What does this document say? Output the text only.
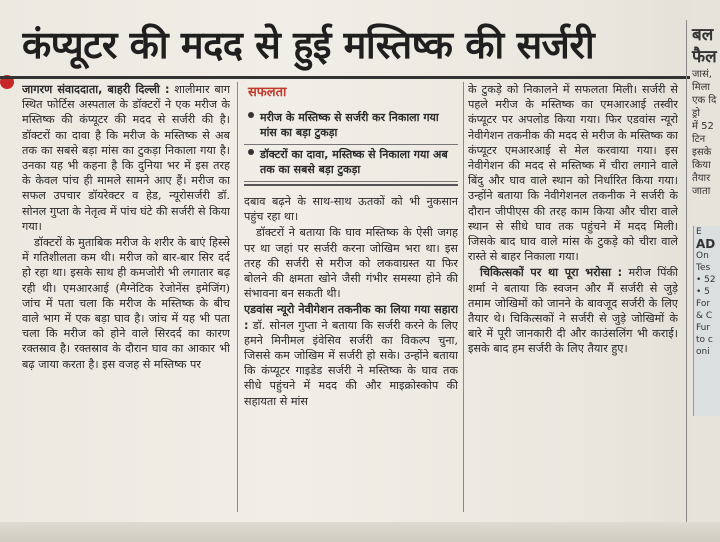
कंप्यूटर की मदद से हुई मस्तिष्क की सर्जरी

जागरण संवाददाता, बाहरी दिल्ली : शालीमार बाग स्थित फोर्टिस अस्पताल के डॉक्टरों ने एक मरीज के मस्तिष्क की कंप्यूटर की मदद से सर्जरी की है। डॉक्टरों का दावा है कि मरीज के मस्तिष्क से अब तक का सबसे बड़ा मांस का टुकड़ा निकाला गया है। उनका यह भी कहना है कि दुनिया भर में इस तरह के केवल पांच ही मामले सामने आए हैं। मरीज का सफल उपचार डॉयरेक्टर व हेड, न्यूरोसर्जरी डॉ. सोनल गुप्ता के नेतृत्व में पांच घंटे की सर्जरी से किया गया।

डॉक्टरों के मुताबिक मरीज के शरीर के बाएं हिस्से में गतिशीलता कम थी। मरीज को बार-बार सिर दर्द हो रहा था। इसके साथ ही कमजोरी भी लगातार बढ़ रही थी। एमआरआई (मैग्नेटिक रेजोनेंस इमेजिंग) जांच में पता चला कि मरीज के मस्तिष्क के बीच वाले भाग में एक बड़ा घाव है। जांच में यह भी पता चला कि मरीज को होने वाले सिरदर्द का कारण रक्तस्राव है। रक्तस्राव के दौरान घाव का आकार भी बढ़ जाया करता है। इस वजह से मस्तिष्क पर

सफलता
मरीज के मस्तिष्क से सर्जरी कर निकाला गया मांस का बड़ा टुकड़ा
डॉक्टरों का दावा, मस्तिष्क से निकाला गया अब तक का सबसे बड़ा टुकड़ा

दबाव बढ़ने के साथ-साथ ऊतकों को भी नुकसान पहुंच रहा था।

डॉक्टरों ने बताया कि घाव मस्तिष्क के ऐसी जगह पर था जहां पर सर्जरी करना जोखिम भरा था। इस तरह की सर्जरी से मरीज को लकवाग्रस्त या फिर बोलने की क्षमता खोने जैसी गंभीर समस्या होने की संभावना बन सकती थी।

एडवांस न्यूरो नेवीगेशन तकनीक का लिया गया सहारा : डॉ. सोनल गुप्ता ने बताया कि सर्जरी करने के लिए हमने मिनीमल इंवेसिव सर्जरी का विकल्प चुना, जिससे कम जोखिम में सर्जरी हो सके। उन्होंने बताया कि कंप्यूटर गाइडेड सर्जरी ने मस्तिष्क के घाव तक सीधे पहुंचने में मदद की और माइक्रोस्कोप की सहायता से मांस

के टुकड़े को निकालने में सफलता मिली। सर्जरी से पहले मरीज के मस्तिष्क का एमआरआई तस्वीर कंप्यूटर पर अपलोड किया गया। फिर एडवांस न्यूरो नेवीगेशन तकनीक की मदद से मरीज के मस्तिष्क का कंप्यूटर एमआरआई से मेल करवाया गया। इस नेवीगेशन की मदद से मस्तिष्क में चीरा लगाने वाले बिंदु और घाव वाले स्थान को निर्धारित किया गया। उन्होंने बताया कि नेवीगेशनल तकनीक ने सर्जरी के दौरान जीपीएस की तरह काम किया और चीरा वाले स्थान से सीधे घाव तक पहुंचने में मदद मिली। जिसके बाद घाव वाले मांस के टुकड़े को चीरा वाले रास्ते से बाहर निकाला गया।

चिकित्सकों पर था पूरा भरोसा : मरीज पिंकी शर्मा ने बताया कि स्वजन और मैं सर्जरी से जुड़े तमाम जोखिमों को जानने के बावजूद सर्जरी के लिए तैयार थे। चिकित्सकों ने सर्जरी से जुड़े जोखिमों के बारे में पूरी जानकारी दी और काउंसलिंग भी कराई। इसके बाद हम सर्जरी के लिए तैयार हुए।

बल फैल
जासं,
मिला
एक दि
ड्रो
में 52
टिन
इसके
किया
तैयार
जाता
E
AD
On
Tes
• 52
• 5
For
& C
Fur
to c
oni
